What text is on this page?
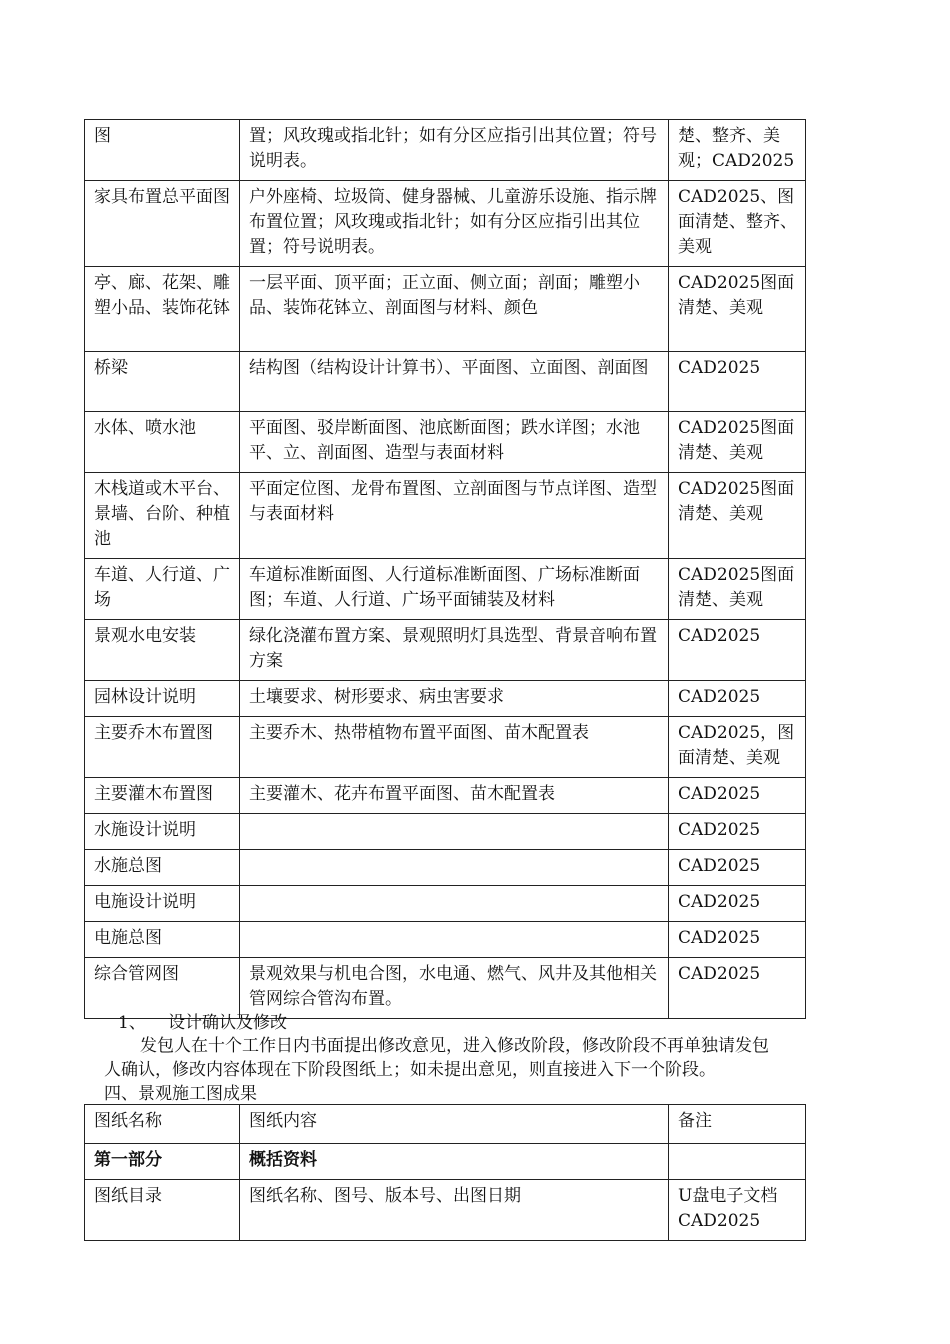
图	置；风玫瑰或指北针；如有分区应指引出其位置；符号说明表。	楚、整齐、美观；CAD2025
家具布置总平面图	户外座椅、垃圾筒、健身器械、儿童游乐设施、指示牌布置位置；风玫瑰或指北针；如有分区应指引出其位置；符号说明表。	CAD2025、图面清楚、整齐、美观
亭、廊、花架、雕塑小品、装饰花钵	一层平面、顶平面；正立面、侧立面；剖面；雕塑小品、装饰花钵立、剖面图与材料、颜色	CAD2025图面清楚、美观
桥梁	结构图（结构设计计算书）、平面图、立面图、剖面图	CAD2025
水体、喷水池	平面图、驳岸断面图、池底断面图；跌水详图；水池平、立、剖面图、造型与表面材料	CAD2025图面清楚、美观
木栈道或木平台、景墙、台阶、种植池	平面定位图、龙骨布置图、立剖面图与节点详图、造型与表面材料	CAD2025图面清楚、美观
车道、人行道、广场	车道标准断面图、人行道标准断面图、广场标准断面图；车道、人行道、广场平面铺装及材料	CAD2025图面清楚、美观
景观水电安装	绿化浇灌布置方案、景观照明灯具选型、背景音响布置方案	CAD2025
园林设计说明	土壤要求、树形要求、病虫害要求	CAD2025
主要乔木布置图	主要乔木、热带植物布置平面图、苗木配置表	CAD2025，图面清楚、美观
主要灌木布置图	主要灌木、花卉布置平面图、苗木配置表	CAD2025
水施设计说明		CAD2025
水施总图		CAD2025
电施设计说明		CAD2025
电施总图		CAD2025
综合管网图	景观效果与机电合图，水电通、燃气、风井及其他相关管网综合管沟布置。	CAD2025
1、 设计确认及修改
发包人在十个工作日内书面提出修改意见，进入修改阶段，修改阶段不再单独请发包
人确认，修改内容体现在下阶段图纸上；如未提出意见，则直接进入下一个阶段。
四、景观施工图成果
图纸名称	图纸内容	备注
第一部分	概括资料	
图纸目录	图纸名称、图号、版本号、出图日期	U盘电子文档
CAD2025
